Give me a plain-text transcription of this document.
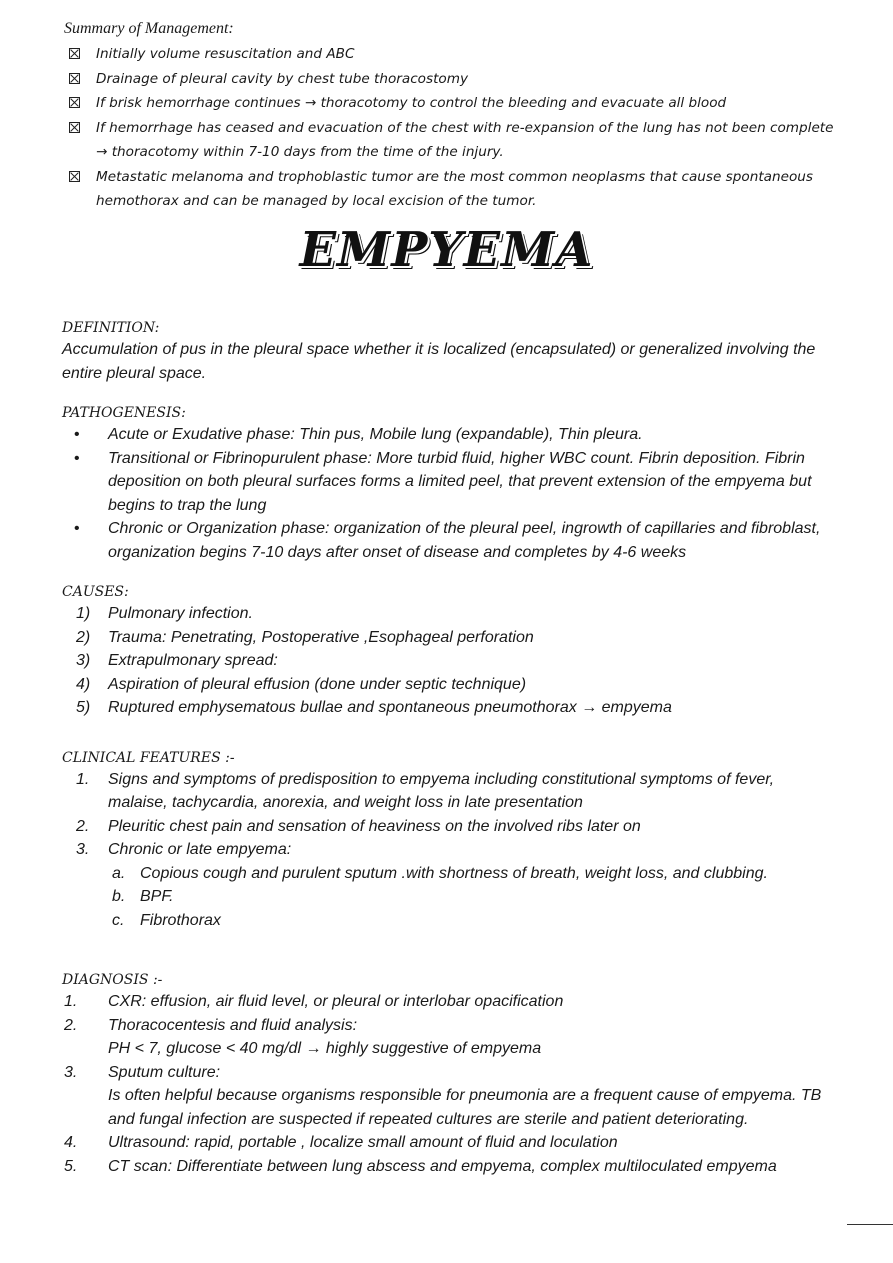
Summary of Management:

Initially volume resuscitation and ABC
Drainage of pleural cavity by chest tube thoracostomy
If brisk hemorrhage continues → thoracotomy to control the bleeding and evacuate all blood
If hemorrhage has ceased and evacuation of the chest with re-expansion of the lung has not been complete → thoracotomy within 7-10 days from the time of the injury.
Metastatic melanoma and trophoblastic tumor are the most common neoplasms that cause spontaneous hemothorax and can be managed by local excision of the tumor.
EMPYEMA

DEFINITION:

Accumulation of pus in the pleural space whether it is localized (encapsulated) or generalized involving the entire pleural space.

PATHOGENESIS:

• Acute or Exudative phase: Thin pus, Mobile lung (expandable), Thin pleura.
• Transitional or Fibrinopurulent phase: More turbid fluid, higher WBC count. Fibrin deposition. Fibrin deposition on both pleural surfaces forms a limited peel, that prevent extension of the empyema but begins to trap the lung
• Chronic or Organization phase: organization of the pleural peel, ingrowth of capillaries and fibroblast, organization begins 7-10 days after onset of disease and completes by 4-6 weeks

CAUSES:

1) Pulmonary infection.
2) Trauma: Penetrating, Postoperative ,Esophageal perforation
3) Extrapulmonary spread:
4) Aspiration of pleural effusion (done under septic technique)
5) Ruptured emphysematous bullae and spontaneous pneumothorax → empyema

CLINICAL FEATURES :-

1. Signs and symptoms of predisposition to empyema including constitutional symptoms of fever, malaise, tachycardia, anorexia, and weight loss in late presentation
2. Pleuritic chest pain and sensation of heaviness on the involved ribs later on
3. Chronic or late empyema:
a. Copious cough and purulent sputum .with shortness of breath, weight loss, and clubbing.
b. BPF.
c. Fibrothorax

DIAGNOSIS :-

1. CXR: effusion, air fluid level, or pleural or interlobar opacification
2. Thoracocentesis and fluid analysis:
PH < 7, glucose < 40 mg/dl → highly suggestive of empyema
3. Sputum culture:
Is often helpful because organisms responsible for pneumonia are a frequent cause of empyema. TB and fungal infection are suspected if repeated cultures are sterile and patient deteriorating.
4. Ultrasound: rapid, portable , localize small amount of fluid and loculation
5. CT scan: Differentiate between lung abscess and empyema, complex multiloculated empyema
